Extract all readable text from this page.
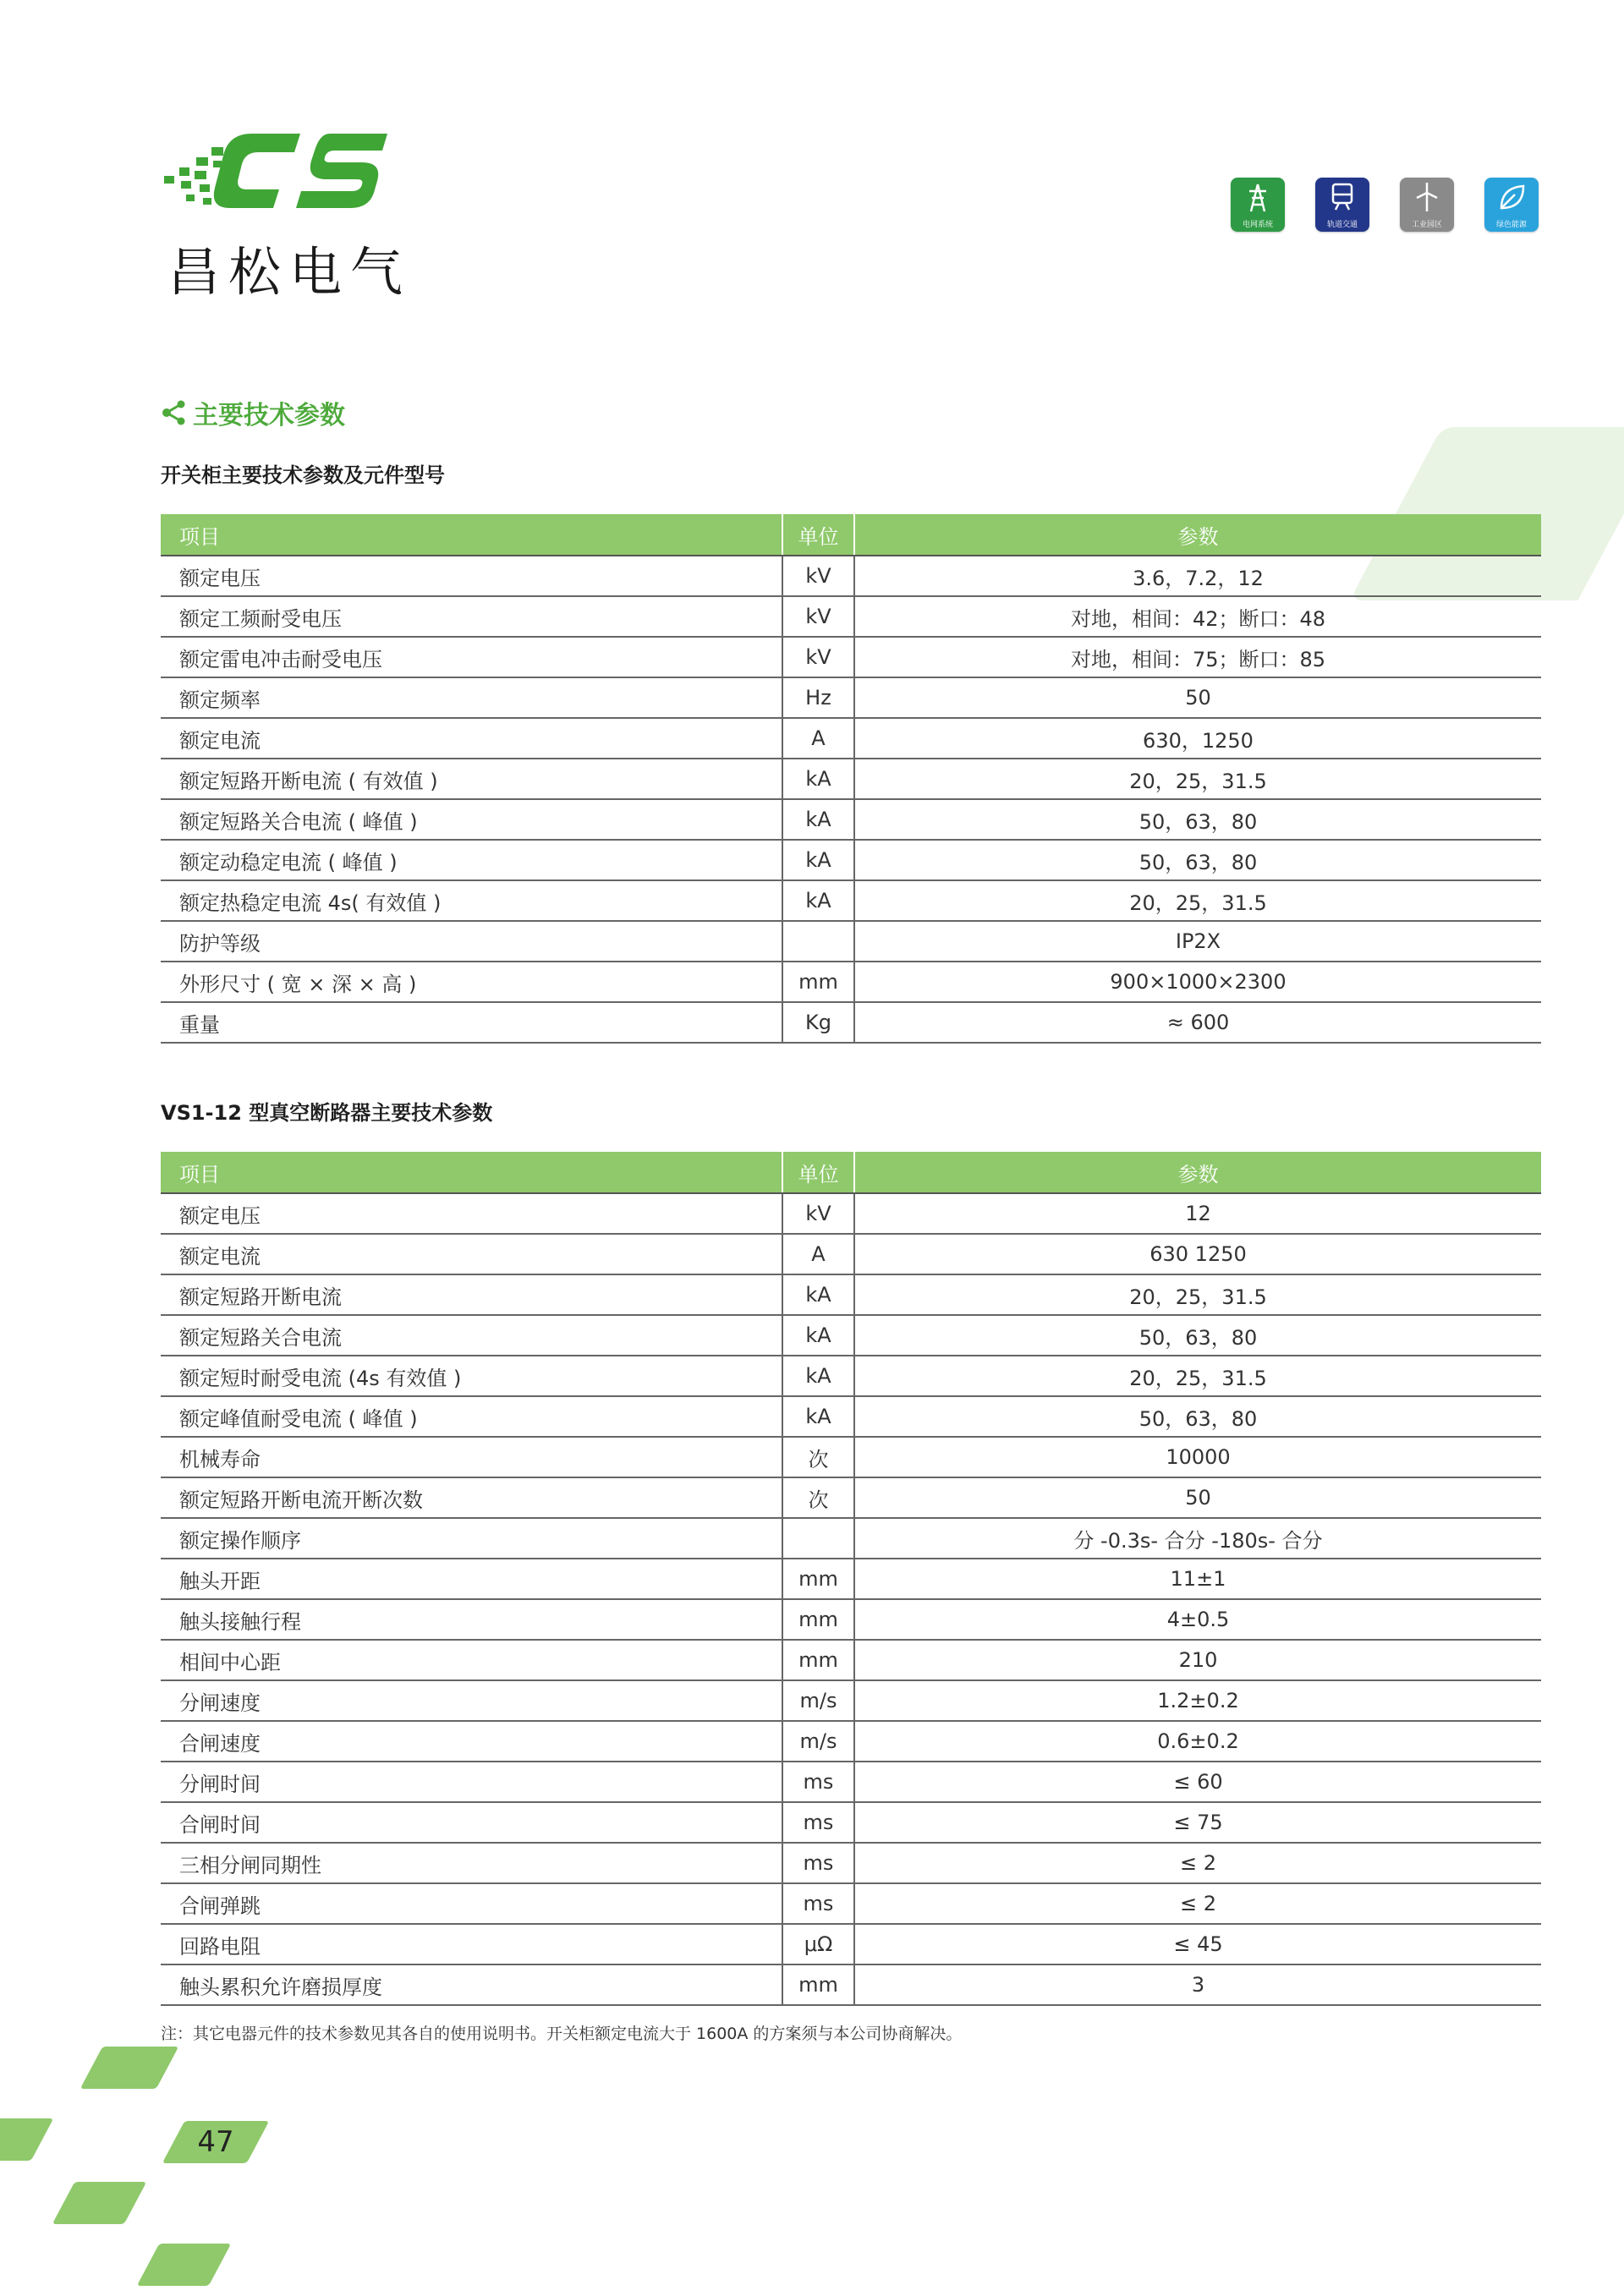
昌松电气
电网系统	轨道交通	工业园区	绿色能源
主要技术参数
开关柜主要技术参数及元件型号
项目	单位	参数
额定电压	kV	3.6，7.2，12
额定工频耐受电压	kV	对地，相间：42；断口：48
额定雷电冲击耐受电压	kV	对地，相间：75；断口：85
额定频率	Hz	50
额定电流	A	630，1250
额定短路开断电流 ( 有效值 )	kA	20，25，31.5
额定短路关合电流 ( 峰值 )	kA	50，63，80
额定动稳定电流 ( 峰值 )	kA	50，63，80
额定热稳定电流 4s( 有效值 )	kA	20，25，31.5
防护等级		IP2X
外形尺寸 ( 宽 × 深 × 高 )	mm	900×1000×2300
重量	Kg	≈ 600
VS1-12 型真空断路器主要技术参数
项目	单位	参数
额定电压	kV	12
额定电流	A	630 1250
额定短路开断电流	kA	20，25，31.5
额定短路关合电流	kA	50，63，80
额定短时耐受电流 (4s 有效值 )	kA	20，25，31.5
额定峰值耐受电流 ( 峰值 )	kA	50，63，80
机械寿命	次	10000
额定短路开断电流开断次数	次	50
额定操作顺序		分 -0.3s- 合分 -180s- 合分
触头开距	mm	11±1
触头接触行程	mm	4±0.5
相间中心距	mm	210
分闸速度	m/s	1.2±0.2
合闸速度	m/s	0.6±0.2
分闸时间	ms	≤ 60
合闸时间	ms	≤ 75
三相分闸同期性	ms	≤ 2
合闸弹跳	ms	≤ 2
回路电阻	μΩ	≤ 45
触头累积允许磨损厚度	mm	3
注：其它电器元件的技术参数见其各自的使用说明书。开关柜额定电流大于 1600A 的方案须与本公司协商解决。
47
